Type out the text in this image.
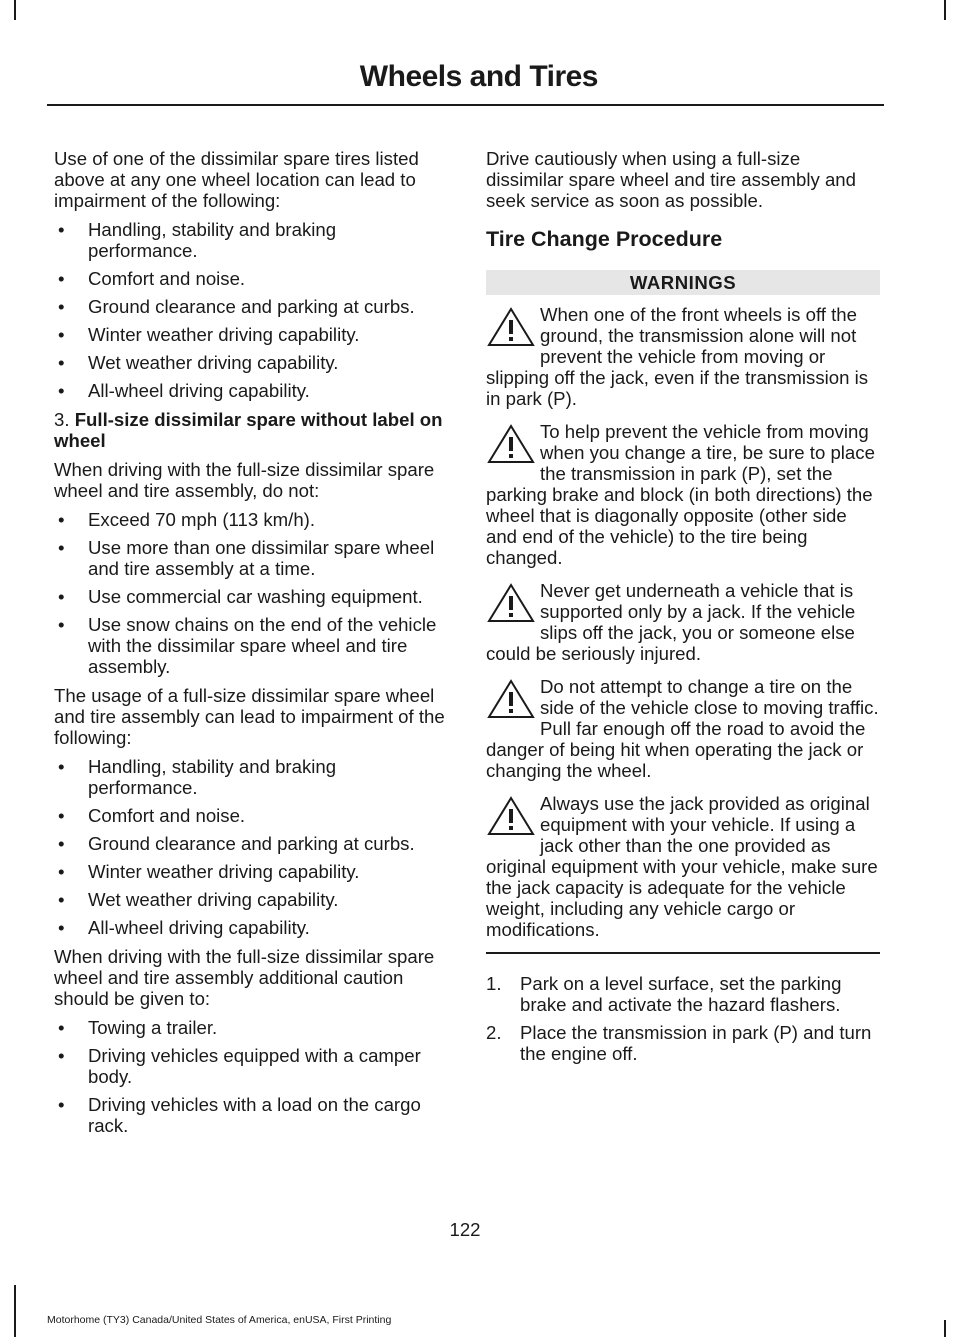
Wheels and Tires

Use of one of the dissimilar spare tires listed above at any one wheel location can lead to impairment of the following:

• Handling, stability and braking performance.
• Comfort and noise.
• Ground clearance and parking at curbs.
• Winter weather driving capability.
• Wet weather driving capability.
• All-wheel driving capability.

3. Full-size dissimilar spare without label on wheel

When driving with the full-size dissimilar spare wheel and tire assembly, do not:

• Exceed 70 mph (113 km/h).
• Use more than one dissimilar spare wheel and tire assembly at a time.
• Use commercial car washing equipment.
• Use snow chains on the end of the vehicle with the dissimilar spare wheel and tire assembly.

The usage of a full-size dissimilar spare wheel and tire assembly can lead to impairment of the following:

• Handling, stability and braking performance.
• Comfort and noise.
• Ground clearance and parking at curbs.
• Winter weather driving capability.
• Wet weather driving capability.
• All-wheel driving capability.

When driving with the full-size dissimilar spare wheel and tire assembly additional caution should be given to:

• Towing a trailer.
• Driving vehicles equipped with a camper body.
• Driving vehicles with a load on the cargo rack.

Drive cautiously when using a full-size dissimilar spare wheel and tire assembly and seek service as soon as possible.

Tire Change Procedure
WARNINGS
When one of the front wheels is off the ground, the transmission alone will not prevent the vehicle from moving or slipping off the jack, even if the transmission is in park (P).
To help prevent the vehicle from moving when you change a tire, be sure to place the transmission in park (P), set the parking brake and block (in both directions) the wheel that is diagonally opposite (other side and end of the vehicle) to the tire being changed.
Never get underneath a vehicle that is supported only by a jack. If the vehicle slips off the jack, you or someone else could be seriously injured.
Do not attempt to change a tire on the side of the vehicle close to moving traffic. Pull far enough off the road to avoid the danger of being hit when operating the jack or changing the wheel.
Always use the jack provided as original equipment with your vehicle. If using a jack other than the one provided as original equipment with your vehicle, make sure the jack capacity is adequate for the vehicle weight, including any vehicle cargo or modifications.
1. Park on a level surface, set the parking brake and activate the hazard flashers.
2. Place the transmission in park (P) and turn the engine off.
122
Motorhome (TY3) Canada/United States of America, enUSA, First Printing
